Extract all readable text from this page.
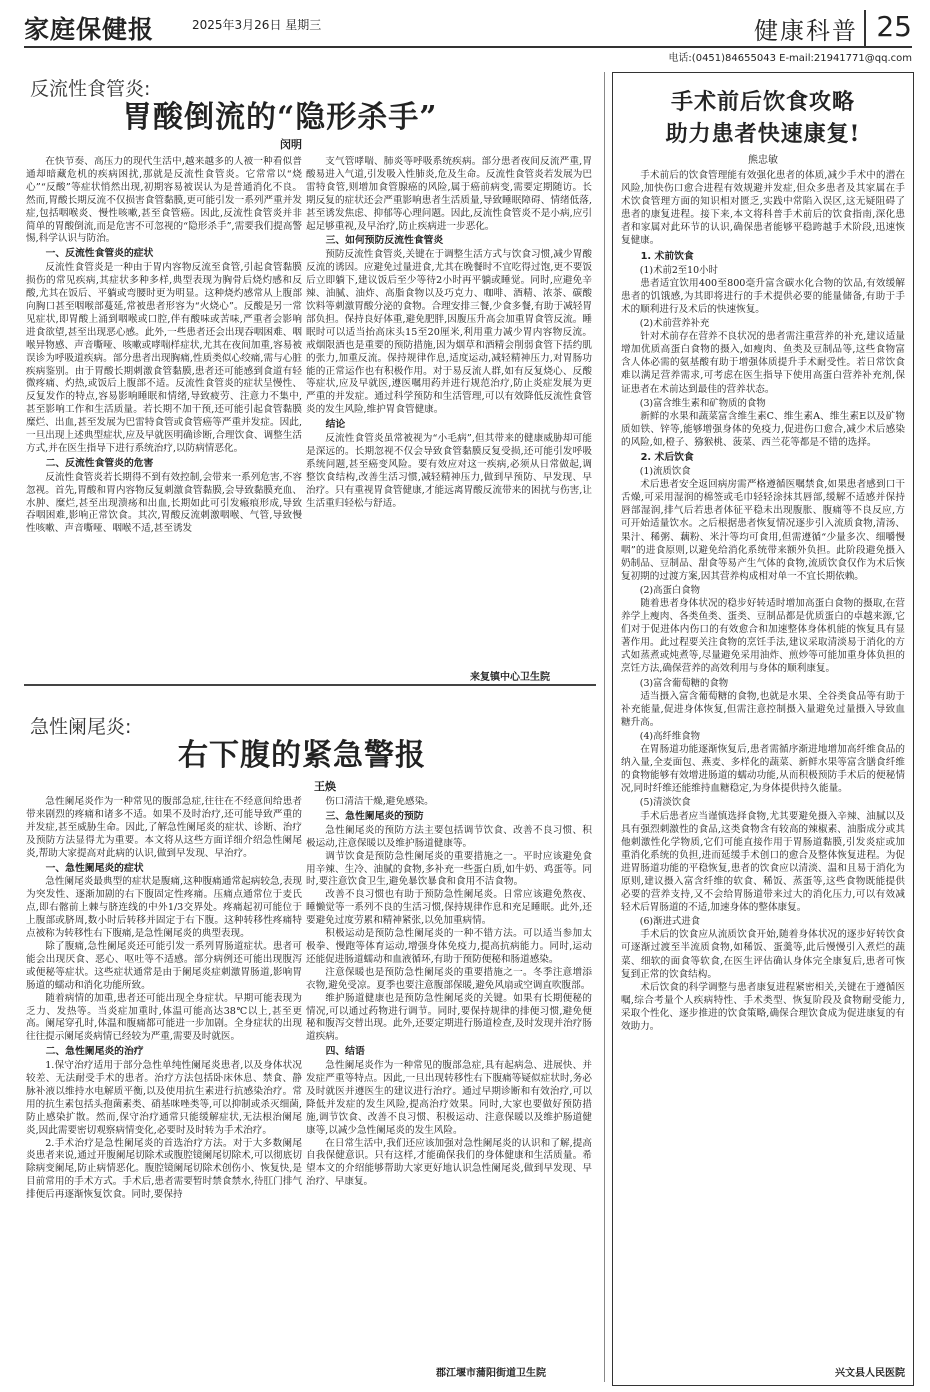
家庭保健报	2025年3月26日 星期三	健康科普 25
电话:(0451)84655043 E-mail:21941771@qq.com
反流性食管炎:
胃酸倒流的“隐形杀手”
闵明

在快节奏、高压力的现代生活中,越来越多的人被一种看似普通却暗藏危机的疾病困扰,那就是反流性食管炎。它常常以“烧心”“反酸”等症状悄然出现,初期容易被误认为是普通消化不良。然而,胃酸长期反流不仅损害食管黏膜,更可能引发一系列严重并发症,包括咽喉炎、慢性咳嗽,甚至食管癌。因此,反流性食管炎并非简单的胃酸倒流,而是危害不可忽视的“隐形杀手”,需要我们提高警惕,科学认识与防治。

一、反流性食管炎的症状

反流性食管炎是一种由于胃内容物反流至食管,引起食管黏膜损伤的常见疾病,其症状多种多样,典型表现为胸骨后烧灼感和反酸,尤其在饭后、平躺或弯腰时更为明显。这种烧灼感常从上腹部向胸口甚至咽喉部蔓延,常被患者形容为“火烧心”。反酸是另一常见症状,即胃酸上涌到咽喉或口腔,伴有酸味或苦味,严重者会影响进食欲望,甚至出现恶心感。此外,一些患者还会出现吞咽困难、咽喉异物感、声音嘶哑、咳嗽或哮喘样症状,尤其在夜间加重,容易被误诊为呼吸道疾病。部分患者出现胸痛,性质类似心绞痛,需与心脏疾病鉴别。由于胃酸长期刺激食管黏膜,患者还可能感到食道有轻微疼痛、灼热,或饭后上腹部不适。反流性食管炎的症状呈慢性、反复发作的特点,容易影响睡眠和情绪,导致疲劳、注意力不集中,甚至影响工作和生活质量。若长期不加干预,还可能引起食管黏膜糜烂、出血,甚至发展为巴雷特食管或食管癌等严重并发症。因此,一旦出现上述典型症状,应及早就医明确诊断,合理饮食、调整生活方式,并在医生指导下进行系统治疗,以防病情恶化。

二、反流性食管炎的危害

反流性食管炎若长期得不到有效控制,会带来一系列危害,不容忽视。首先,胃酸和胃内容物反复刺激食管黏膜,会导致黏膜充血、水肿、糜烂,甚至出现溃疡和出血,长期如此可引发瘢痕形成,导致吞咽困难,影响正常饮食。其次,胃酸反流刺激咽喉、气管,导致慢性咳嗽、声音嘶哑、咽喉不适,甚至诱发

支气管哮喘、肺炎等呼吸系统疾病。部分患者夜间反流严重,胃酸易进入气道,引发吸入性肺炎,危及生命。反流性食管炎若发展为巴雷特食管,则增加食管腺癌的风险,属于癌前病变,需要定期随访。长期反复的症状还会严重影响患者生活质量,导致睡眠障碍、情绪低落,甚至诱发焦虑、抑郁等心理问题。因此,反流性食管炎不是小病,应引起足够重视,及早治疗,防止疾病进一步恶化。

三、如何预防反流性食管炎

预防反流性食管炎,关键在于调整生活方式与饮食习惯,减少胃酸反流的诱因。应避免过量进食,尤其在晚餐时不宜吃得过饱,更不要饭后立即躺下,建议饭后至少等待2小时再平躺或睡觉。同时,应避免辛辣、油腻、油炸、高脂食物以及巧克力、咖啡、酒精、浓茶、碳酸饮料等刺激胃酸分泌的食物。合理安排三餐,少食多餐,有助于减轻胃部负担。保持良好体重,避免肥胖,因腹压升高会加重胃食管反流。睡眠时可以适当抬高床头15至20厘米,利用重力减少胃内容物反流。戒烟限酒也是重要的预防措施,因为烟草和酒精会削弱食管下括约肌的张力,加重反流。保持规律作息,适度运动,减轻精神压力,对胃肠功能的正常运作也有积极作用。对于易反流人群,如有反复烧心、反酸等症状,应及早就医,遵医嘱用药并进行规范治疗,防止炎症发展为更严重的并发症。通过科学预防和生活管理,可以有效降低反流性食管炎的发生风险,维护胃食管健康。

结论

反流性食管炎虽常被视为“小毛病”,但其带来的健康威胁却可能是深远的。长期忽视不仅会导致食管黏膜反复受损,还可能引发呼吸系统问题,甚至癌变风险。要有效应对这一疾病,必须从日常做起,调整饮食结构,改善生活习惯,减轻精神压力,做到早预防、早发现、早治疗。只有重视胃食管健康,才能远离胃酸反流带来的困扰与伤害,让生活重归轻松与舒适。

来复镇中心卫生院
急性阑尾炎:
右下腹的紧急警报
王焕

急性阑尾炎作为一种常见的腹部急症,往往在不经意间给患者带来剧烈的疼痛和诸多不适。如果不及时治疗,还可能导致严重的并发症,甚至威胁生命。因此,了解急性阑尾炎的症状、诊断、治疗及预防方法显得尤为重要。本文将从这些方面详细介绍急性阑尾炎,帮助大家提高对此病的认识,做到早发现、早治疗。

一、急性阑尾炎的症状

急性阑尾炎最典型的症状是腹痛,这种腹痛通常起病较急,表现为突发性、逐渐加剧的右下腹固定性疼痛。压痛点通常位于麦氏点,即右髂前上棘与脐连线的中外1/3交界处。疼痛起初可能位于上腹部或脐周,数小时后转移并固定于右下腹。这种转移性疼痛特点被称为转移性右下腹痛,是急性阑尾炎的典型表现。

除了腹痛,急性阑尾炎还可能引发一系列胃肠道症状。患者可能会出现厌食、恶心、呕吐等不适感。部分病例还可能出现腹泻或便秘等症状。这些症状通常是由于阑尾炎症刺激胃肠道,影响胃肠道的蠕动和消化功能所致。

随着病情的加重,患者还可能出现全身症状。早期可能表现为乏力、发热等。当炎症加重时,体温可能高达38℃以上,甚至更高。阑尾穿孔时,体温和腹痛都可能进一步加剧。全身症状的出现往往提示阑尾炎病情已经较为严重,需要及时就医。

二、急性阑尾炎的治疗

1.保守治疗适用于部分急性单纯性阑尾炎患者,以及身体状况较差、无法耐受手术的患者。治疗方法包括卧床休息、禁食、静脉补液以维持水电解质平衡,以及使用抗生素进行抗感染治疗。常用的抗生素包括头孢菌素类、硝基咪唑类等,可以抑制或杀灭细菌,防止感染扩散。然而,保守治疗通常只能缓解症状,无法根治阑尾炎,因此需要密切观察病情变化,必要时及时转为手术治疗。

2.手术治疗是急性阑尾炎的首选治疗方法。对于大多数阑尾炎患者来说,通过开腹阑尾切除术或腹腔镜阑尾切除术,可以彻底切除病变阑尾,防止病情恶化。腹腔镜阑尾切除术创伤小、恢复快,是目前常用的手术方式。手术后,患者需要暂时禁食禁水,待肛门排气排便后再逐渐恢复饮食。同时,要保持

伤口清洁干燥,避免感染。

三、急性阑尾炎的预防

急性阑尾炎的预防方法主要包括调节饮食、改善不良习惯、积极运动,注意保暖以及维护肠道健康等。

调节饮食是预防急性阑尾炎的重要措施之一。平时应该避免食用辛辣、生冷、油腻的食物,多补充一些蛋白质,如牛奶、鸡蛋等。同时,要注意饮食卫生,避免暴饮暴食和食用不洁食物。

改善不良习惯也有助于预防急性阑尾炎。日常应该避免熬夜、睡懒觉等一系列不良的生活习惯,保持规律作息和充足睡眠。此外,还要避免过度劳累和精神紧张,以免加重病情。

积极运动是预防急性阑尾炎的一种不错方法。可以适当参加太极拳、慢跑等体育运动,增强身体免疫力,提高抗病能力。同时,运动还能促进肠道蠕动和血液循环,有助于预防便秘和肠道感染。

注意保暖也是预防急性阑尾炎的重要措施之一。冬季注意增添衣物,避免受凉。夏季也要注意腹部保暖,避免风扇或空调直吹腹部。

维护肠道健康也是预防急性阑尾炎的关键。如果有长期便秘的情况,可以通过药物进行调节。同时,要保持规律的排便习惯,避免便秘和腹泻交替出现。此外,还要定期进行肠道检查,及时发现并治疗肠道疾病。

四、结语

急性阑尾炎作为一种常见的腹部急症,具有起病急、进展快、并发症严重等特点。因此,一旦出现转移性右下腹痛等疑似症状时,务必及时就医并遵医生的建议进行治疗。通过早期诊断和有效治疗,可以降低并发症的发生风险,提高治疗效果。同时,大家也要做好预防措施,调节饮食、改善不良习惯、积极运动、注意保暖以及维护肠道健康等,以减少急性阑尾炎的发生风险。

在日常生活中,我们还应该加强对急性阑尾炎的认识和了解,提高自我保健意识。只有这样,才能确保我们的身体健康和生活质量。希望本文的介绍能够帮助大家更好地认识急性阑尾炎,做到早发现、早治疗、早康复。

郡江堰市蒲阳街道卫生院
手术前后饮食攻略
助力患者快速康复!
熊忠敏

手术前后的饮食管理能有效强化患者的体质,减少手术中的潜在风险,加快伤口愈合进程有效规避并发症,但众多患者及其家属在手术饮食管理方面的知识相对匮乏,实践中常陷入误区,这无疑阻碍了患者的康复进程。接下来,本文将科普手术前后的饮食指南,深化患者和家属对此环节的认识,确保患者能够平稳跨越手术阶段,迅速恢复健康。

1. 术前饮食
(1)术前2至10小时

患者适宜饮用400至800毫升富含碳水化合物的饮品,有效缓解患者的饥饿感,为其即将进行的手术提供必要的能量储备,有助于手术的顺利进行及术后的快速恢复。

(2)术前营养补充

针对术前存在营养不良状况的患者需注重营养的补充,建议适量增加优质高蛋白食物的摄入,如瘦肉、鱼类及豆制品等,这些食物富含人体必需的氨基酸有助于增强体质提升手术耐受性。若日常饮食难以满足营养需求,可考虑在医生指导下使用高蛋白营养补充剂,保证患者在术前达到最佳的营养状态。

(3)富含维生素和矿物质的食物

新鲜的水果和蔬菜富含维生素C、维生素A、维生素E以及矿物质如铁、锌等,能够增强身体的免疫力,促进伤口愈合,减少术后感染的风险,如,橙子、猕猴桃、菠菜、西兰花等都是不错的选择。

2. 术后饮食
(1)流质饮食

术后患者安全返回病房需严格遵循医嘱禁食,如果患者感到口干舌燥,可采用湿润的棉签或毛巾轻轻涂抹其唇部,缓解不适感并保持唇部湿润,排气后若患者体征平稳未出现腹胀、腹痛等不良反应,方可开始适量饮水。之后根据患者恢复情况逐步引入流质食物,清汤、果汁、稀粥、藕粉、米汁等均可食用,但需遵循“少量多次、细嚼慢咽”的进食原则,以避免给消化系统带来额外负担。此阶段避免摄入奶制品、豆制品、甜食等易产生气体的食物,流质饮食仅作为术后恢复初期的过渡方案,因其营养构成相对单一不宜长期依赖。

(2)高蛋白食物

随着患者身体状况的稳步好转适时增加高蛋白食物的摄取,在营养学上瘦肉、各类鱼类、蛋类、豆制品都是优质蛋白的卓越来源,它们对于促进体内伤口的有效愈合和加速整体身体机能的恢复具有显著作用。此过程要关注食物的烹饪手法,建议采取清淡易于消化的方式如蒸煮或炖煮等,尽量避免采用油炸、煎炒等可能加重身体负担的烹饪方法,确保营养的高效利用与身体的顺利康复。

(3)富含葡萄糖的食物

适当摄入富含葡萄糖的食物,也就是水果、全谷类食品等有助于补充能量,促进身体恢复,但需注意控制摄入量避免过量摄入导致血糖升高。

(4)高纤维食物

在胃肠道功能逐渐恢复后,患者需循序渐进地增加高纤维食品的纳入量,全麦面包、燕麦、多样化的蔬菜、新鲜水果等富含膳食纤维的食物能够有效增进肠道的蠕动功能,从而积极预防手术后的便秘情况,同时纤维还能维持血糖稳定,为身体提供持久能量。

(5)清淡饮食

手术后患者应当谨慎选择食物,尤其要避免摄入辛辣、油腻以及具有强烈刺激性的食品,这类食物含有较高的辣椒素、油脂成分或其他刺激性化学物质,它们可能直接作用于胃肠道黏膜,引发炎症或加重消化系统的负担,进而延缓手术创口的愈合及整体恢复进程。为促进胃肠道功能的平稳恢复,患者的饮食应以清淡、温和且易于消化为原则,建议摄入富含纤维的软食、稀饭、蒸蛋等,这些食物既能提供必要的营养支持,又不会给胃肠道带来过大的消化压力,可以有效减轻术后胃肠道的不适,加速身体的整体康复。

(6)渐进式进食

手术后的饮食应从流质饮食开始,随着身体状况的逐步好转饮食可逐渐过渡至半流质食物,如稀饭、蛋羹等,此后慢慢引入煮烂的蔬菜、细软的面食等软食,在医生评估确认身体完全康复后,患者可恢复到正常的饮食结构。

术后饮食的科学调整与患者康复进程紧密相关,关键在于遵循医嘱,综合考量个人疾病特性、手术类型、恢复阶段及食物耐受能力,采取个性化、逐步推进的饮食策略,确保合理饮食成为促进康复的有效助力。

兴文县人民医院
